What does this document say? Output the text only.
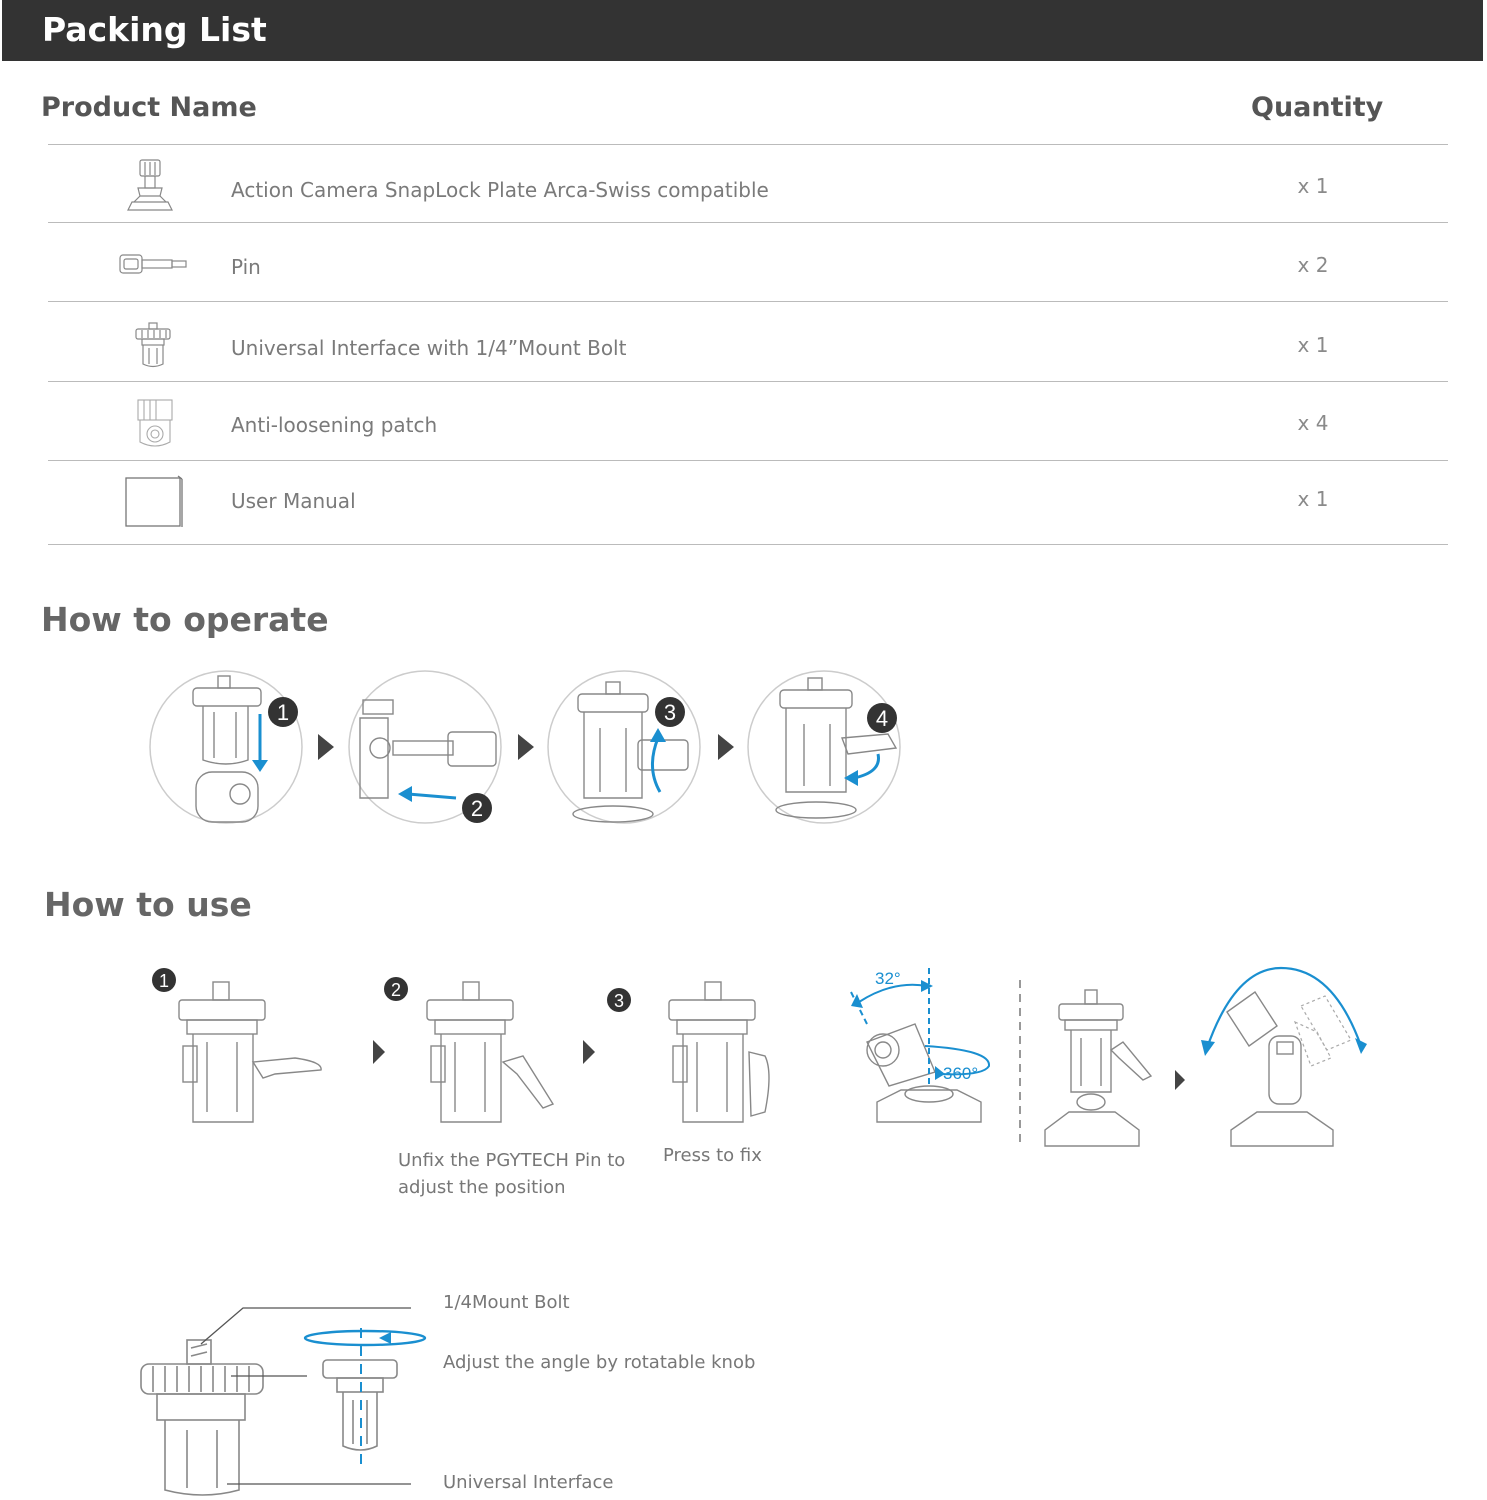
Packing List
Product Name	Quantity
Action Camera SnapLock Plate Arca-Swiss compatible	x 1
Pin	x 2
Universal Interface with 1/4”Mount Bolt	x 1
Anti-loosening patch	x 4
User Manual	x 1
How to operate
1
2
3	4
How to use
1	2
3
32°
360°
Unfix the PGYTECH Pin to adjust the position
Press to fix
1/4Mount Bolt
Adjust the angle by rotatable knob
Universal Interface
